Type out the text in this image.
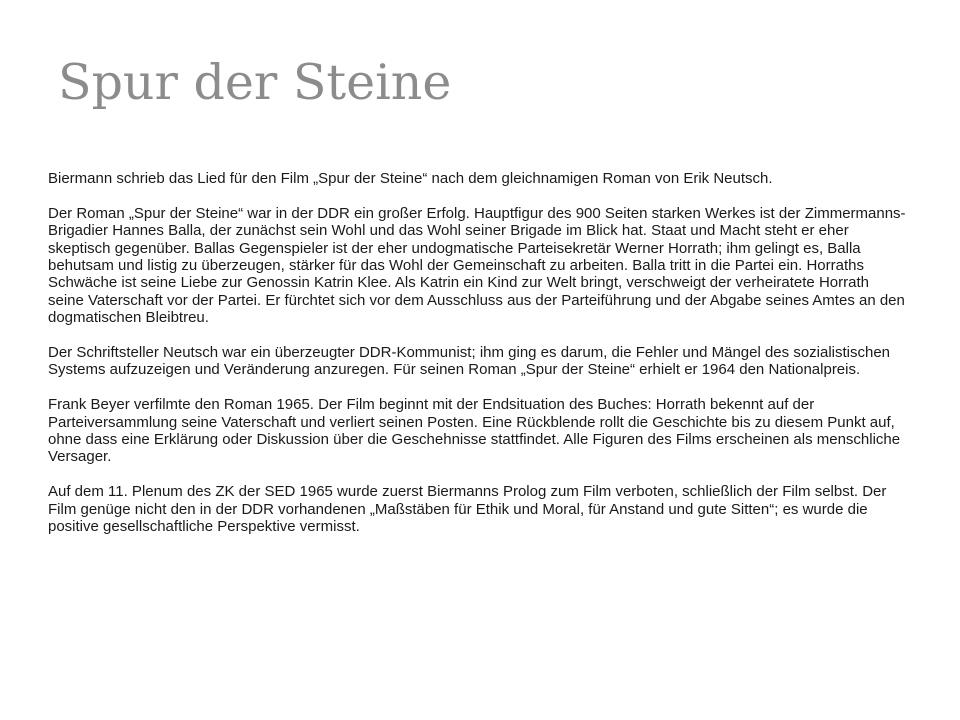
Spur der Steine

Biermann schrieb das Lied für den Film „Spur der Steine“ nach dem gleichnamigen Roman von Erik Neutsch.

Der Roman „Spur der Steine“ war in der DDR ein großer Erfolg. Hauptfigur des 900 Seiten starken Werkes ist der Zimmermanns-Brigadier Hannes Balla, der zunächst sein Wohl und das Wohl seiner Brigade im Blick hat. Staat und Macht steht er eher skeptisch gegenüber. Ballas Gegenspieler ist der eher undogmatische Parteisekretär Werner Horrath; ihm gelingt es, Balla behutsam und listig zu überzeugen, stärker für das Wohl der Gemeinschaft zu arbeiten. Balla tritt in die Partei ein. Horraths Schwäche ist seine Liebe zur Genossin Katrin Klee. Als Katrin ein Kind zur Welt bringt, verschweigt der verheiratete Horrath seine Vaterschaft vor der Partei. Er fürchtet sich vor dem Ausschluss aus der Parteiführung und der Abgabe seines Amtes an den dogmatischen Bleibtreu.

Der Schriftsteller Neutsch war ein überzeugter DDR-Kommunist; ihm ging es darum, die Fehler und Mängel des sozialistischen Systems aufzuzeigen und Veränderung anzuregen. Für seinen Roman „Spur der Steine“ erhielt er 1964 den Nationalpreis.

Frank Beyer verfilmte den Roman 1965. Der Film beginnt mit der Endsituation des Buches: Horrath bekennt auf der Parteiversammlung seine Vaterschaft und verliert seinen Posten. Eine Rückblende rollt die Geschichte bis zu diesem Punkt auf, ohne dass eine Erklärung oder Diskussion über die Geschehnisse stattfindet. Alle Figuren des Films erscheinen als menschliche Versager.

Auf dem 11. Plenum des ZK der SED 1965 wurde zuerst Biermanns Prolog zum Film verboten, schließlich der Film selbst. Der Film genüge nicht den in der DDR vorhandenen „Maßstäben für Ethik und Moral, für Anstand und gute Sitten“; es wurde die positive gesellschaftliche Perspektive vermisst.
